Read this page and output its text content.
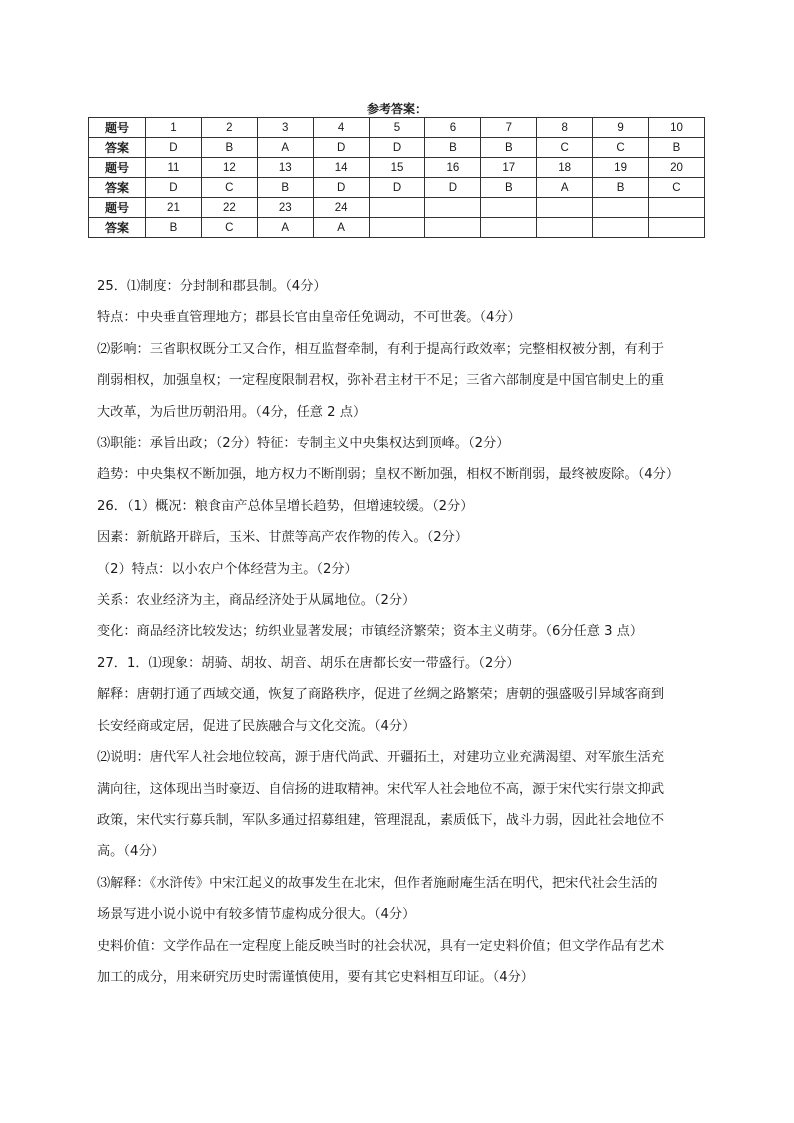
参考答案：
题号	1	2	3	4	5	6	7	8	9	10
答案	D	B	A	D	D	B	B	C	C	B
题号	11	12	13	14	15	16	17	18	19	20
答案	D	C	B	D	D	D	B	A	B	C
题号	21	22	23	24						
答案	B	C	A	A						

25．⑴制度：分封制和郡县制。（4分）

特点：中央垂直管理地方；郡县长官由皇帝任免调动，不可世袭。（4分）

⑵影响：三省职权既分工又合作，相互监督牵制，有利于提高行政效率；完整相权被分割，有利于

削弱相权，加强皇权；一定程度限制君权，弥补君主材干不足；三省六部制度是中国官制史上的重

大改革，为后世历朝沿用。（4分，任意 2 点）

⑶职能：承旨出政；（2分）特征：专制主义中央集权达到顶峰。（2分）

趋势：中央集权不断加强，地方权力不断削弱；皇权不断加强，相权不断削弱，最终被废除。（4分）

26．（1）概况：粮食亩产总体呈增长趋势，但增速较缓。（2分）

因素：新航路开辟后，玉米、甘蔗等高产农作物的传入。（2分）

（2）特点：以小农户个体经营为主。（2分）

关系：农业经济为主，商品经济处于从属地位。（2分）

变化：商品经济比较发达；纺织业显著发展；市镇经济繁荣；资本主义萌芽。（6分任意 3 点）

27．1．⑴现象：胡骑、胡妆、胡音、胡乐在唐都长安一带盛行。（2分）

解释：唐朝打通了西域交通，恢复了商路秩序，促进了丝绸之路繁荣；唐朝的强盛吸引异域客商到

长安经商或定居，促进了民族融合与文化交流。（4分）

⑵说明：唐代军人社会地位较高，源于唐代尚武、开疆拓土，对建功立业充满渴望、对军旅生活充

满向往，这体现出当时豪迈、自信扬的进取精神。宋代军人社会地位不高，源于宋代实行崇文抑武

政策，宋代实行募兵制，军队多通过招募组建，管理混乱，素质低下，战斗力弱，因此社会地位不

高。（4分）

⑶解释：《水浒传》中宋江起义的故事发生在北宋，但作者施耐庵生活在明代，把宋代社会生活的

场景写进小说小说中有较多情节虚构成分很大。（4分）

史料价值：文学作品在一定程度上能反映当时的社会状况，具有一定史料价值；但文学作品有艺术

加工的成分，用来研究历史时需谨慎使用，要有其它史料相互印证。（4分）
